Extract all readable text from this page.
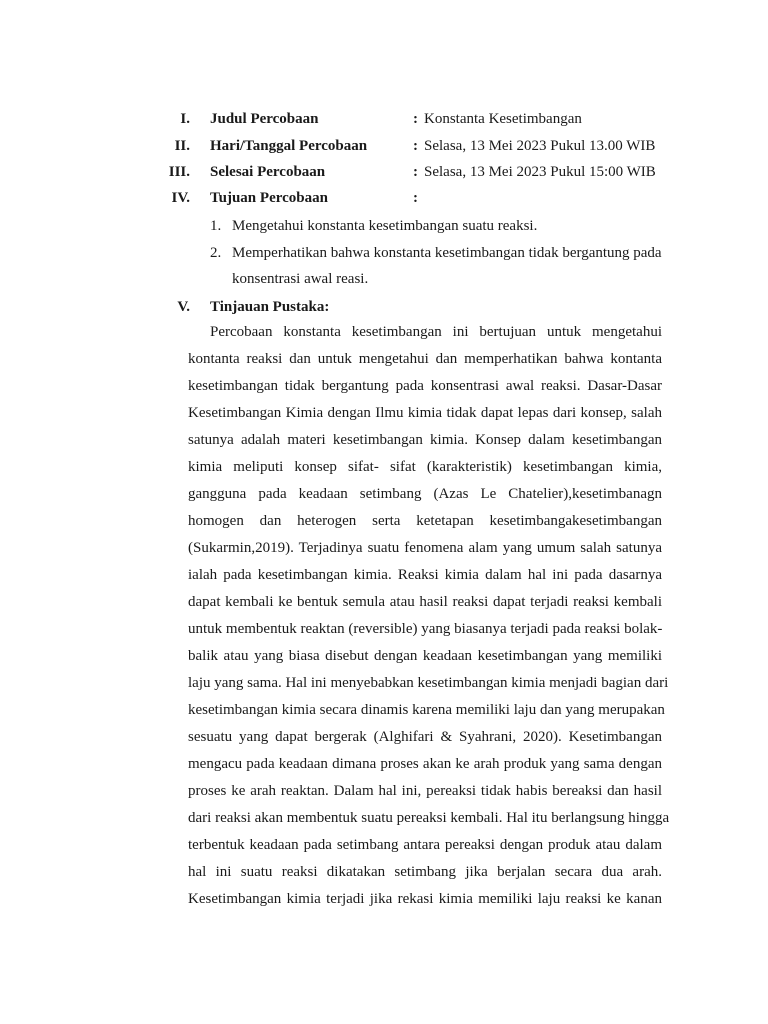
I. Judul Percobaan	: Konstanta Kesetimbangan
II. Hari/Tanggal Percobaan	: Selasa, 13 Mei 2023 Pukul 13.00 WIB
III. Selesai Percobaan	: Selasa, 13 Mei 2023 Pukul 15:00 WIB
IV. Tujuan Percobaan	:
1. Mengetahui konstanta kesetimbangan suatu reaksi.
2. Memperhatikan bahwa konstanta kesetimbangan tidak bergantung pada konsentrasi awal reasi.
V. Tinjauan Pustaka:
Percobaan konstanta kesetimbangan ini bertujuan untuk mengetahui
kontanta reaksi dan untuk mengetahui dan memperhatikan bahwa kontanta
kesetimbangan tidak bergantung pada konsentrasi awal reaksi. Dasar-Dasar
Kesetimbangan Kimia dengan Ilmu kimia tidak dapat lepas dari konsep, salah
satunya adalah materi kesetimbangan kimia. Konsep dalam kesetimbangan
kimia meliputi konsep sifat- sifat (karakteristik) kesetimbangan kimia,
gangguna pada keadaan setimbang (Azas Le Chatelier),kesetimbanagn
homogen dan heterogen serta ketetapan kesetimbangakesetimbangan
(Sukarmin,2019). Terjadinya suatu fenomena alam yang umum salah satunya
ialah pada kesetimbangan kimia. Reaksi kimia dalam hal ini pada dasarnya
dapat kembali ke bentuk semula atau hasil reaksi dapat terjadi reaksi kembali
untuk membentuk reaktan (reversible) yang biasanya terjadi pada reaksi bolak-
balik atau yang biasa disebut dengan keadaan kesetimbangan yang memiliki
laju yang sama. Hal ini menyebabkan kesetimbangan kimia menjadi bagian dari
kesetimbangan kimia secara dinamis karena memiliki laju dan yang merupakan
sesuatu yang dapat bergerak (Alghifari & Syahrani, 2020). Kesetimbangan
mengacu pada keadaan dimana proses akan ke arah produk yang sama dengan
proses ke arah reaktan. Dalam hal ini, pereaksi tidak habis bereaksi dan hasil
dari reaksi akan membentuk suatu pereaksi kembali. Hal itu berlangsung hingga
terbentuk keadaan pada setimbang antara pereaksi dengan produk atau dalam
hal ini suatu reaksi dikatakan setimbang jika berjalan secara dua arah.
Kesetimbangan kimia terjadi jika rekasi kimia memiliki laju reaksi ke kanan
